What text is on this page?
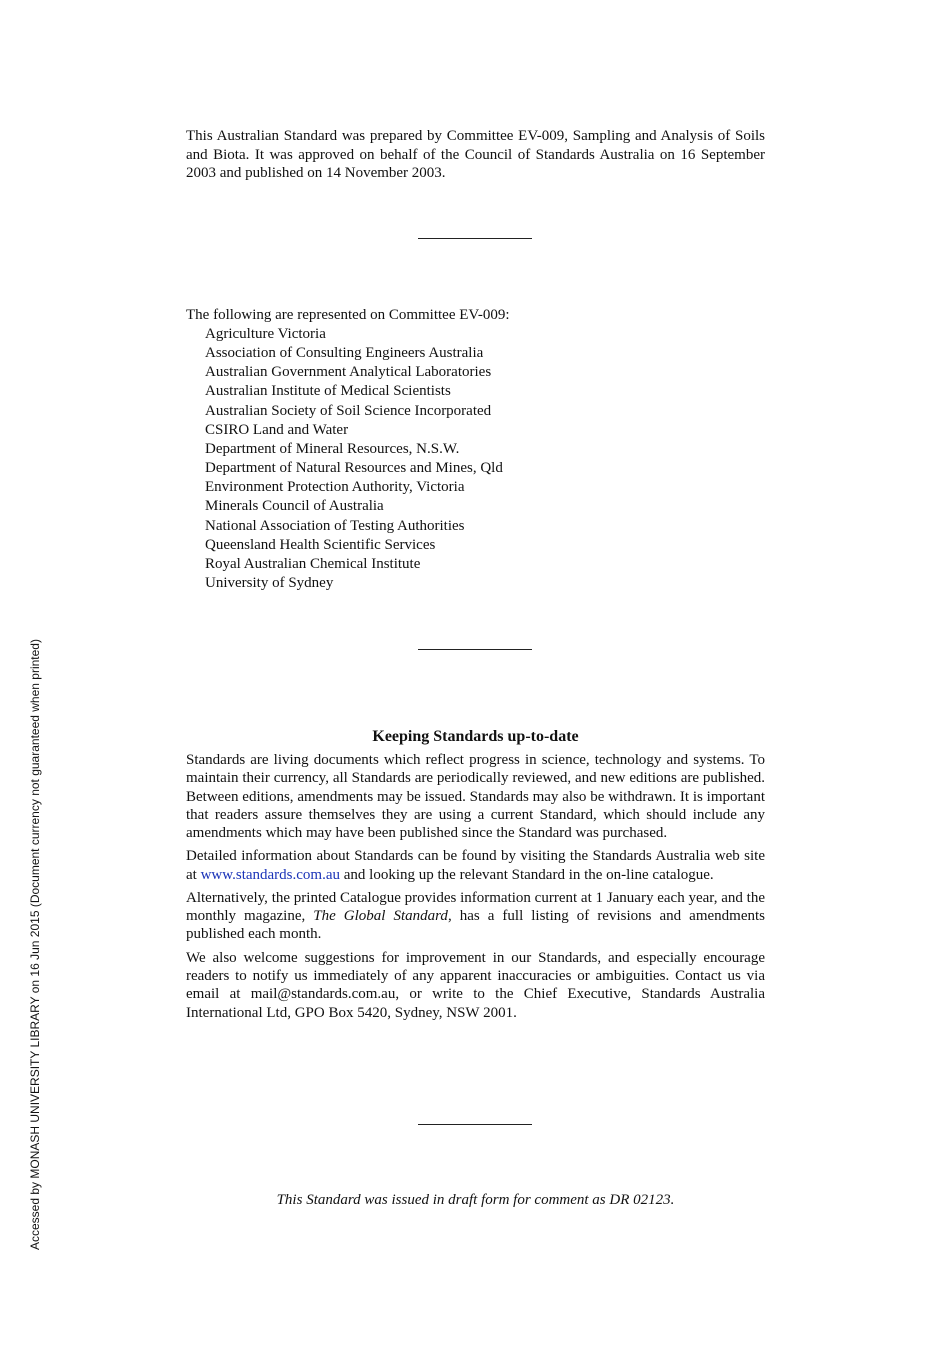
This Australian Standard was prepared by Committee EV-009, Sampling and Analysis of Soils and Biota. It was approved on behalf of the Council of Standards Australia on 16 September 2003 and published on 14 November 2003.

The following are represented on Committee EV-009:

Agriculture Victoria
Association of Consulting Engineers Australia
Australian Government Analytical Laboratories
Australian Institute of Medical Scientists
Australian Society of Soil Science Incorporated
CSIRO Land and Water
Department of Mineral Resources, N.S.W.
Department of Natural Resources and Mines, Qld
Environment Protection Authority, Victoria
Minerals Council of Australia
National Association of Testing Authorities
Queensland Health Scientific Services
Royal Australian Chemical Institute
University of Sydney
Keeping Standards up-to-date

Standards are living documents which reflect progress in science, technology and systems. To maintain their currency, all Standards are periodically reviewed, and new editions are published. Between editions, amendments may be issued. Standards may also be withdrawn. It is important that readers assure themselves they are using a current Standard, which should include any amendments which may have been published since the Standard was purchased.

Detailed information about Standards can be found by visiting the Standards Australia web site at www.standards.com.au and looking up the relevant Standard in the on-line catalogue.

Alternatively, the printed Catalogue provides information current at 1 January each year, and the monthly magazine, The Global Standard, has a full listing of revisions and amendments published each month.

We also welcome suggestions for improvement in our Standards, and especially encourage readers to notify us immediately of any apparent inaccuracies or ambiguities. Contact us via email at mail@standards.com.au, or write to the Chief Executive, Standards Australia International Ltd, GPO Box 5420, Sydney, NSW 2001.

This Standard was issued in draft form for comment as DR 02123.

Accessed by MONASH UNIVERSITY LIBRARY on 16 Jun 2015 (Document currency not guaranteed when printed)
